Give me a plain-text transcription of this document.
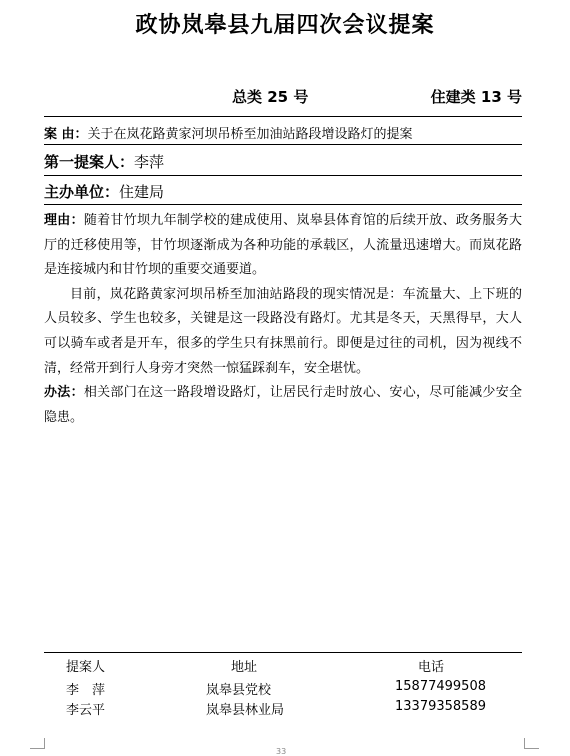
政协岚皋县九届四次会议提案
总类 25 号	住建类 13 号
案 由：关于在岚花路黄家河坝吊桥至加油站路段增设路灯的提案
第一提案人：李萍
主办单位：住建局

理由：随着甘竹坝九年制学校的建成使用、岚皋县体育馆的后续开放、政务服务大厅的迁移使用等，甘竹坝逐渐成为各种功能的承载区，人流量迅速增大。而岚花路是连接城内和甘竹坝的重要交通要道。

目前，岚花路黄家河坝吊桥至加油站路段的现实情况是：车流量大、上下班的人员较多、学生也较多，关键是这一段路没有路灯。尤其是冬天，天黑得早，大人可以骑车或者是开车，很多的学生只有抹黑前行。即便是过往的司机，因为视线不清，经常开到行人身旁才突然一惊猛踩刹车，安全堪忧。

办法：相关部门在这一路段增设路灯，让居民行走时放心、安心，尽可能减少安全隐患。

提案人	地址	电话
李　萍	岚皋县党校	15877499508
李云平	岚皋县林业局	13379358589
33
